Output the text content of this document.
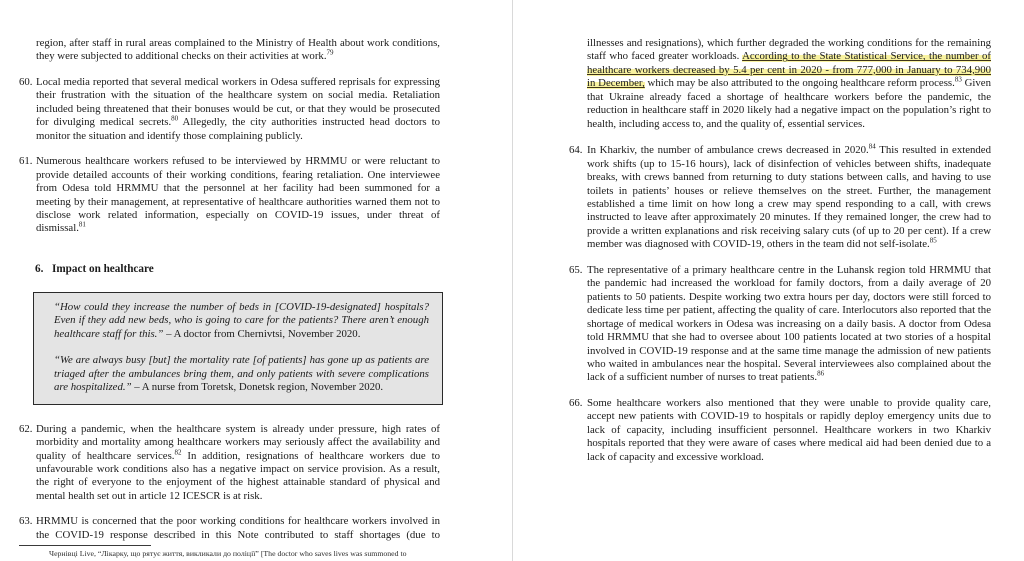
region, after staff in rural areas complained to the Ministry of Health about work conditions, they were subjected to additional checks on their activities at work.$^{79}$
60. Local media reported that several medical workers in Odesa suffered reprisals for expressing their frustration with the situation of the healthcare system on social media. Retaliation included being threatened that their bonuses would be cut, or that they would be prosecuted for divulging medical secrets.$^{80}$ Allegedly, the city authorities instructed head doctors to monitor the situation and identify those complaining publicly.
61. Numerous healthcare workers refused to be interviewed by HRMMU or were reluctant to provide detailed accounts of their working conditions, fearing retaliation. One interviewee from Odesa told HRMMU that the personnel at her facility had been summoned for a meeting by their management, at representative of healthcare authorities warned them not to disclose work related information, especially on COVID-19 issues, under threat of dismissal.$^{81}$
6. Impact on healthcare

“How could they increase the number of beds in [COVID-19-designated] hospitals? Even if they add new beds, who is going to care for the patients? There aren’t enough healthcare staff for this.” – A doctor from Chernivtsi, November 2020.

“We are always busy [but] the mortality rate [of patients] has gone up as patients are triaged after the ambulances bring them, and only patients with severe complications are hospitalized.” – A nurse from Toretsk, Donetsk region, November 2020.

62. During a pandemic, when the healthcare system is already under pressure, high rates of morbidity and mortality among healthcare workers may seriously affect the availability and quality of healthcare services.$^{82}$ In addition, resignations of healthcare workers due to unfavourable work conditions also has a negative impact on service provision. As a result, the right of everyone to the enjoyment of the highest attainable standard of physical and mental health set out in article 12 ICESCR is at risk.
63. HRMMU is concerned that the poor working conditions for healthcare workers involved in the COVID-19 response described in this Note contributed to staff shortages (due to
Чернівці Live, “Лікарку, що рятує життя, викликали до поліції” [The doctor who saves lives was summoned to
illnesses and resignations), which further degraded the working conditions for the remaining staff who faced greater workloads. According to the State Statistical Service, the number of healthcare workers decreased by 5.4 per cent in 2020 - from 777,000 in January to 734,900 in December, which may be also attributed to the ongoing healthcare reform process.$^{83}$ Given that Ukraine already faced a shortage of healthcare workers before the pandemic, the reduction in healthcare staff in 2020 likely had a negative impact on the population’s right to health, including access to, and the quality of, essential services.
64. In Kharkiv, the number of ambulance crews decreased in 2020.84 This resulted in extended work shifts (up to 15-16 hours), lack of disinfection of vehicles between shifts, inadequate breaks, with crews banned from returning to duty stations between calls, and having to use toilets in patients’ houses or relieve themselves on the street. Further, the management established a time limit on how long a crew may spend responding to a call, with crews instructed to leave after approximately 20 minutes. If they remained longer, the crew had to provide a written explanations and risk receiving salary cuts (of up to 20 per cent). If a crew member was diagnosed with COVID-19, others in the team did not self-isolate.$^{85}$
65. The representative of a primary healthcare centre in the Luhansk region told HRMMU that the pandemic had increased the workload for family doctors, from a daily average of 20 patients to 50 patients. Despite working two extra hours per day, doctors were still forced to dedicate less time per patient, affecting the quality of care. Interlocutors also reported that the shortage of medical workers in Odesa was increasing on a daily basis. A doctor from Odesa told HRMMU that she had to oversee about 100 patients located at two stories of a hospital involved in COVID-19 response and at the same time manage the admission of new patients who waited in ambulances near the hospital. Several interviewees also complained about the lack of a sufficient number of nurses to treat patients.$^{86}$
66. Some healthcare workers also mentioned that they were unable to provide quality care, accept new patients with COVID-19 to hospitals or rapidly deploy emergency units due to lack of capacity, including insufficient personnel. Healthcare workers in two Kharkiv hospitals reported that they were aware of cases where medical aid had been denied due to a lack of capacity and excessive workload.
